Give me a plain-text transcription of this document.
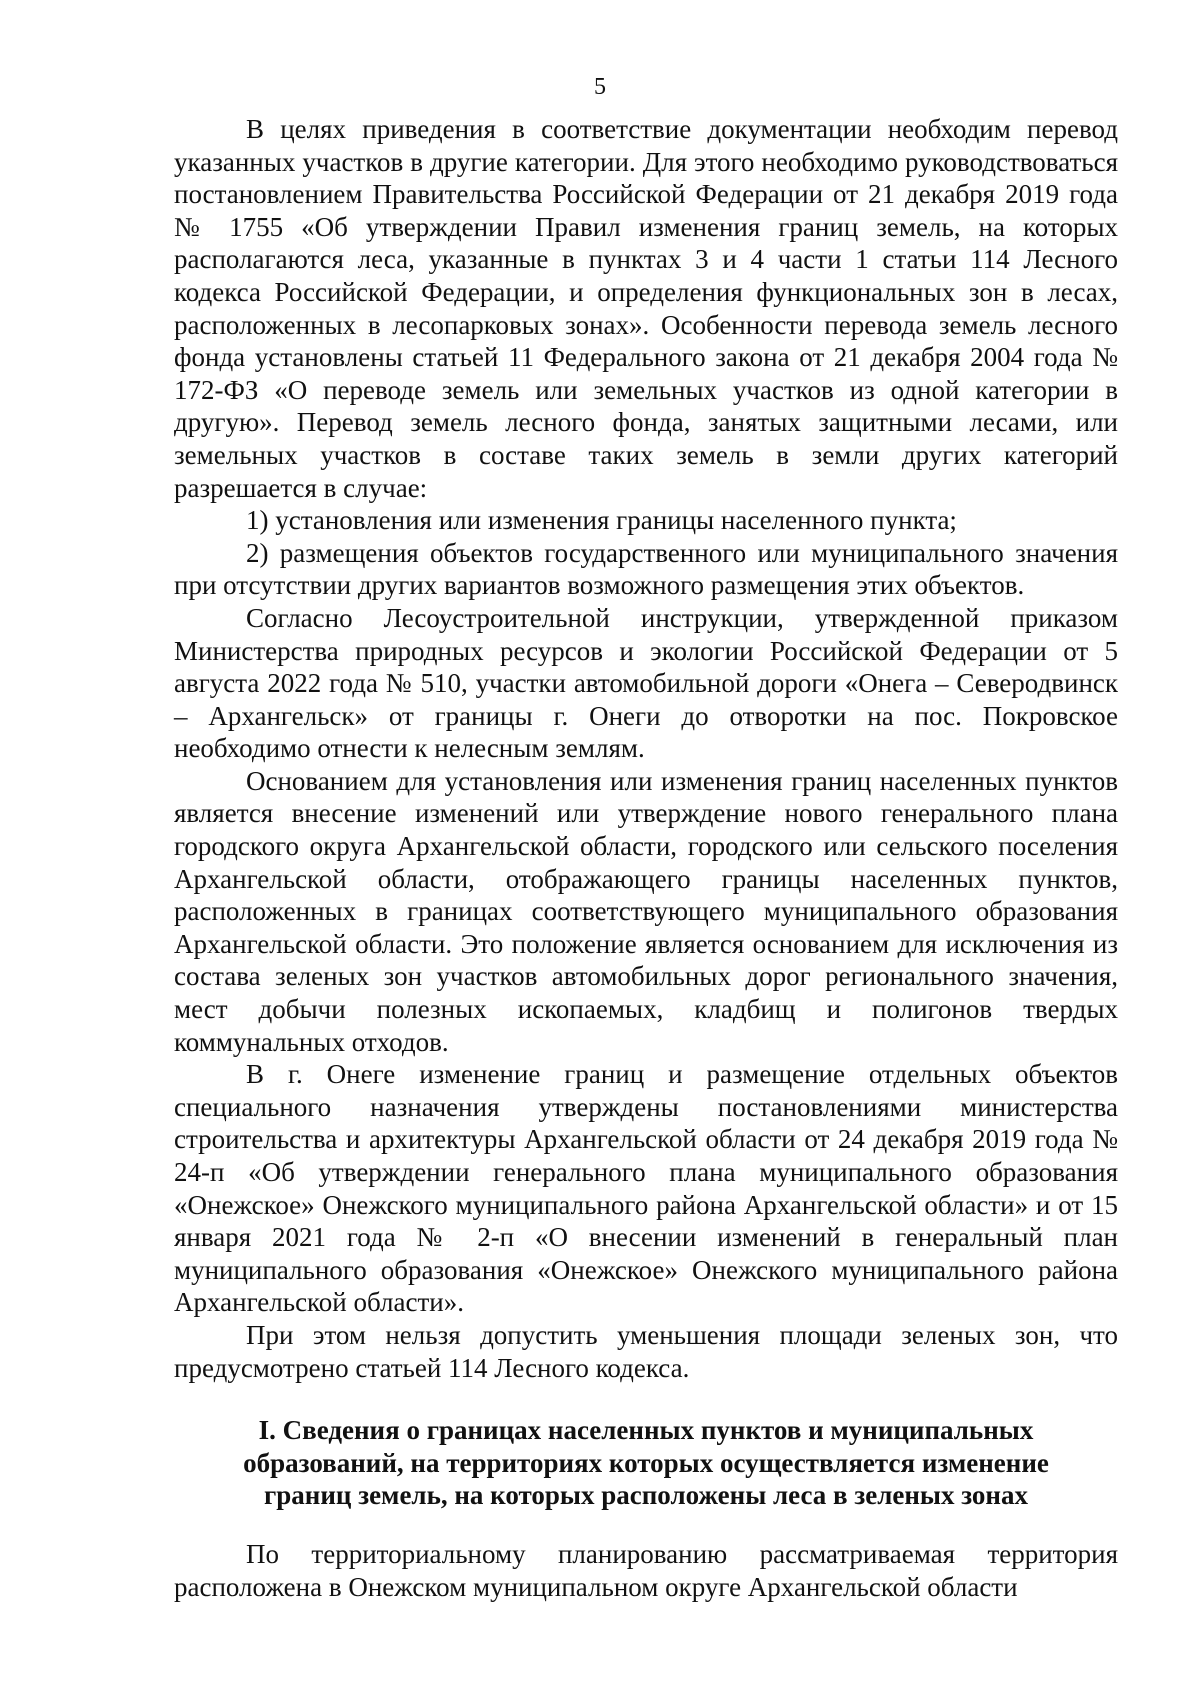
5

В целях приведения в соответствие документации необходим перевод указанных участков в другие категории. Для этого необходимо руководствоваться постановлением Правительства Российской Федерации от 21 декабря 2019 года № 1755 «Об утверждении Правил изменения границ земель, на которых располагаются леса, указанные в пунктах 3 и 4 части 1 статьи 114 Лесного кодекса Российской Федерации, и определения функциональных зон в лесах, расположенных в лесопарковых зонах». Особенности перевода земель лесного фонда установлены статьей 11 Федерального закона от 21 декабря 2004 года № 172-ФЗ «О переводе земель или земельных участков из одной категории в другую». Перевод земель лесного фонда, занятых защитными лесами, или земельных участков в составе таких земель в земли других категорий разрешается в случае:

1) установления или изменения границы населенного пункта;

2) размещения объектов государственного или муниципального значения при отсутствии других вариантов возможного размещения этих объектов.

Согласно Лесоустроительной инструкции, утвержденной приказом Министерства природных ресурсов и экологии Российской Федерации от 5 августа 2022 года № 510, участки автомобильной дороги «Онега – Северодвинск – Архангельск» от границы г. Онеги до отворотки на пос. Покровское необходимо отнести к нелесным землям.

Основанием для установления или изменения границ населенных пунктов является внесение изменений или утверждение нового генерального плана городского округа Архангельской области, городского или сельского поселения Архангельской области, отображающего границы населенных пунктов, расположенных в границах соответствующего муниципального образования Архангельской области. Это положение является основанием для исключения из состава зеленых зон участков автомобильных дорог регионального значения, мест добычи полезных ископаемых, кладбищ и полигонов твердых коммунальных отходов.

В г. Онеге изменение границ и размещение отдельных объектов специального назначения утверждены постановлениями министерства строительства и архитектуры Архангельской области от 24 декабря 2019 года № 24-п «Об утверждении генерального плана муниципального образования «Онежское» Онежского муниципального района Архангельской области» и от 15 января 2021 года № 2-п «О внесении изменений в генеральный план муниципального образования «Онежское» Онежского муниципального района Архангельской области».

При этом нельзя допустить уменьшения площади зеленых зон, что предусмотрено статьей 114 Лесного кодекса.

I. Сведения о границах населенных пунктов и муниципальных образований, на территориях которых осуществляется изменение границ земель, на которых расположены леса в зеленых зонах

По территориальному планированию рассматриваемая территория расположена в Онежском муниципальном округе Архангельской области
